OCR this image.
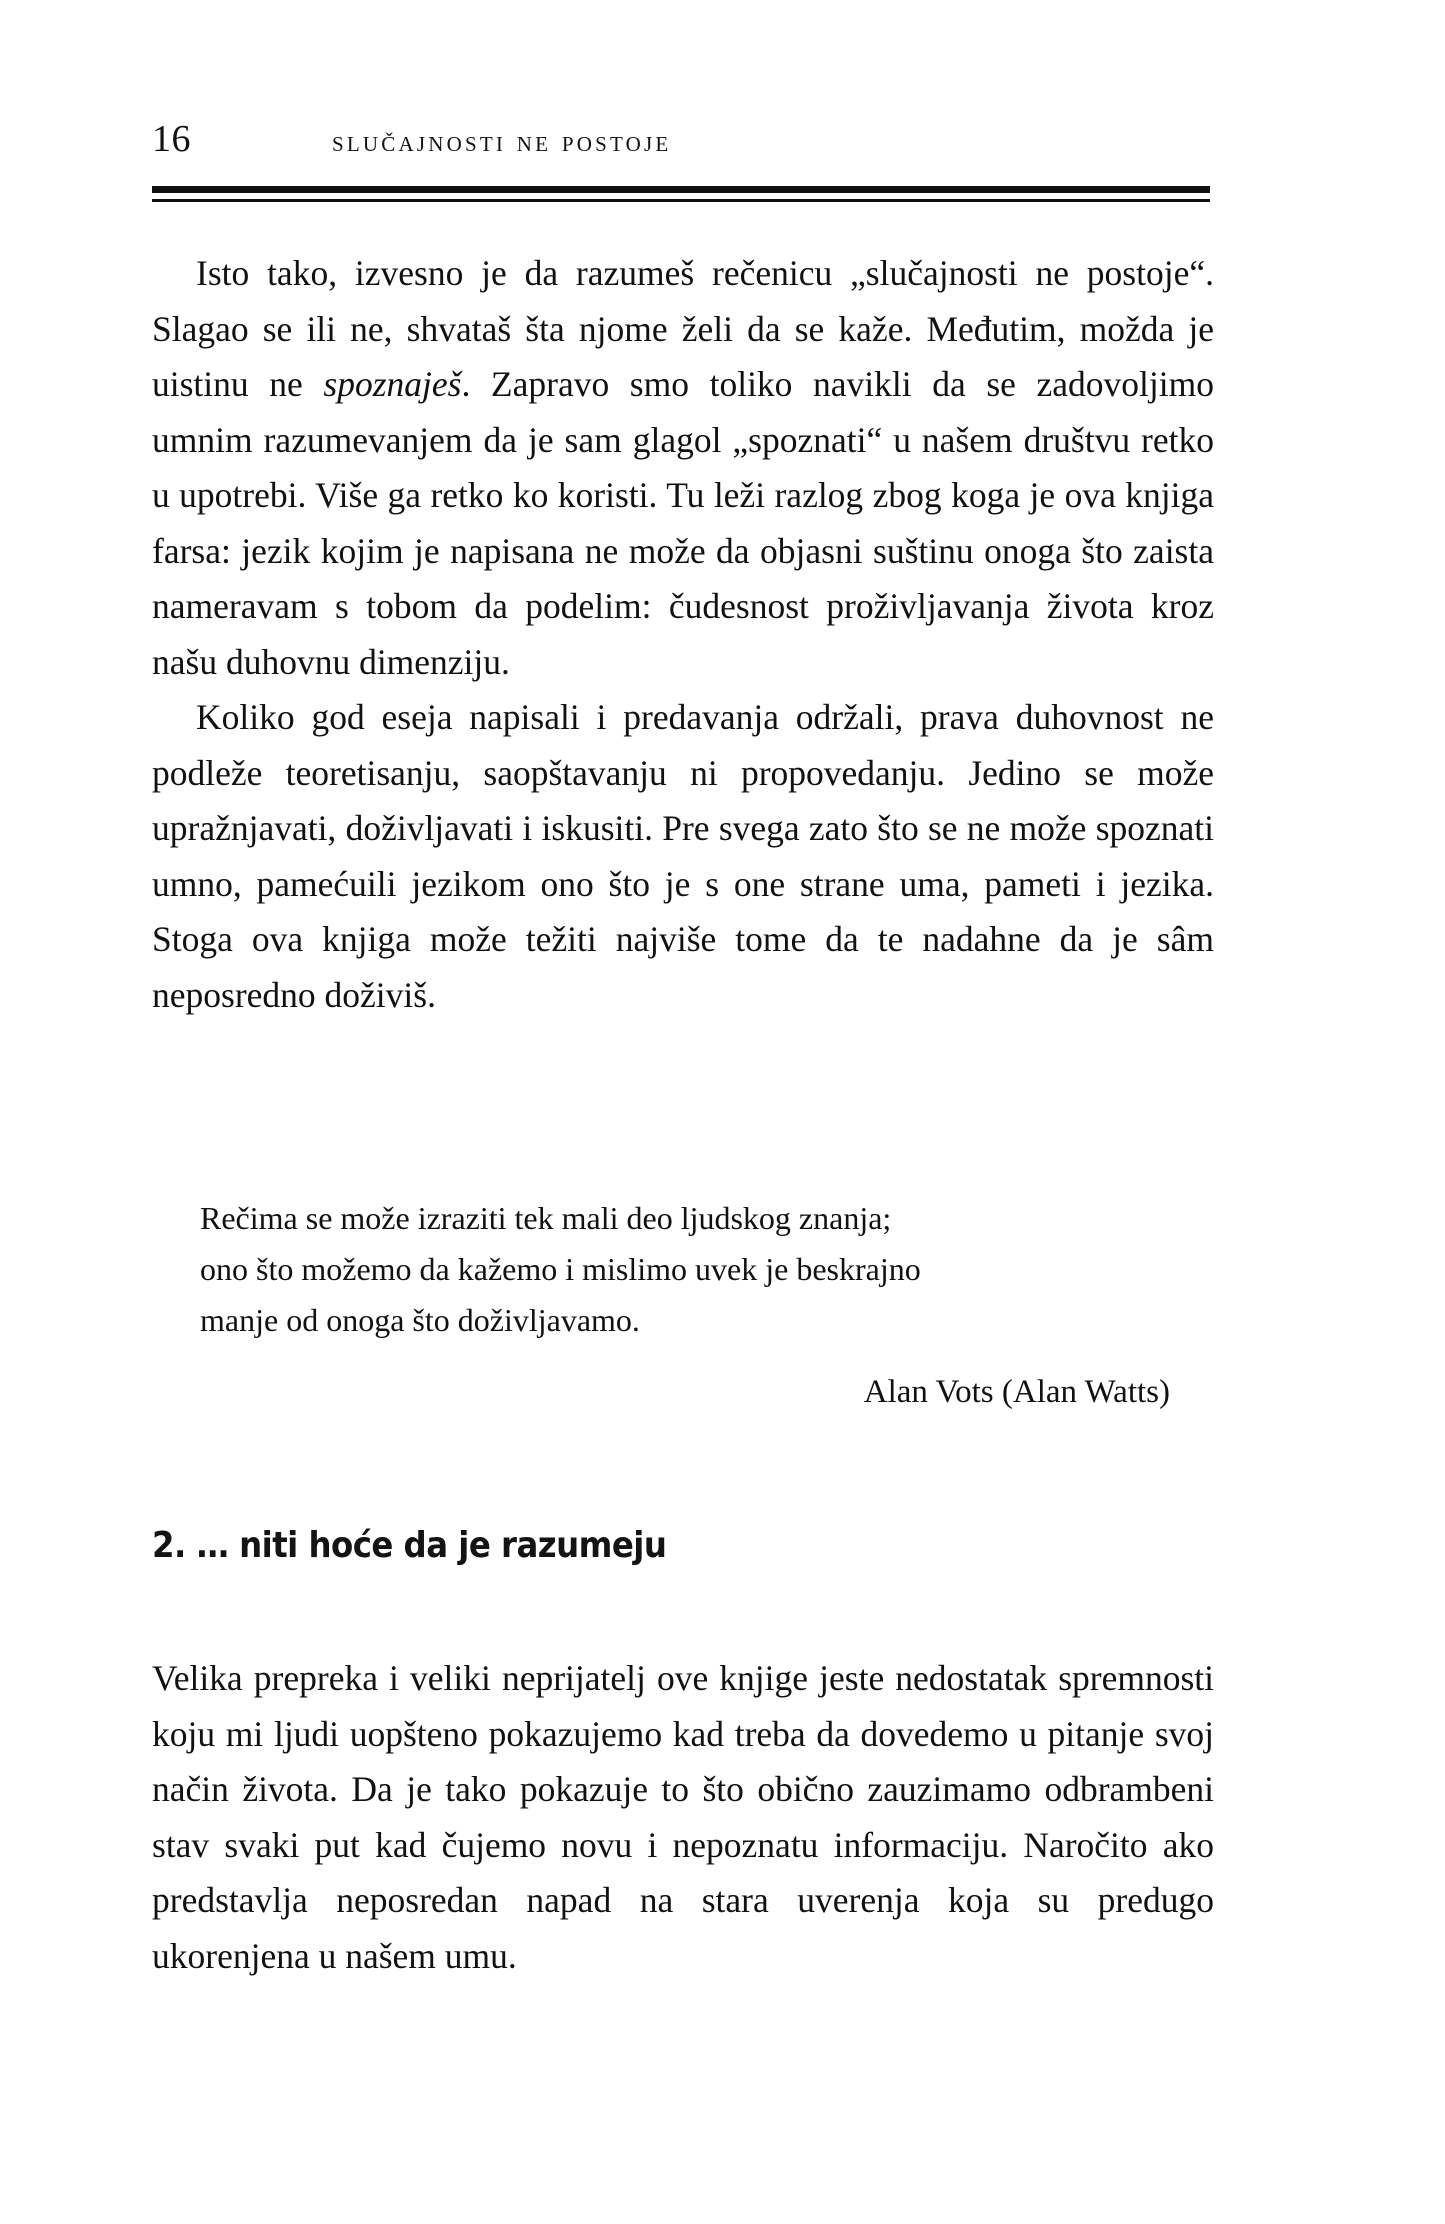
16	slučajnosti ne postoje

Isto tako, izvesno je da razumeš rečenicu „slučajnosti ne postoje“. Slagao se ili ne, shvataš šta njome želi da se kaže. Međutim, možda je uistinu ne spoznaješ. Zapravo smo toliko navikli da se zadovoljimo umnim razumevanjem da je sam glagol „spoznati“ u našem društvu retko u upotrebi. Više ga retko ko koristi. Tu leži razlog zbog koga je ova knjiga farsa: jezik kojim je napisana ne može da objasni suštinu onoga što zaista nameravam s tobom da podelim: čudesnost proživljavanja života kroz našu duhovnu dimenziju.

Koliko god eseja napisali i predavanja održali, prava duhovnost ne podleže teoretisanju, saopštavanju ni propovedanju. Jedino se može upražnjavati, doživljavati i iskusiti. Pre svega zato što se ne može spoznati umno, pamećuili jezikom ono što je s one strane uma, pameti i jezika. Stoga ova knjiga može težiti najviše tome da te nadahne da je sâm neposredno doživiš.

Rečima se može izraziti tek mali deo ljudskog znanja;

ono što možemo da kažemo i mislimo uvek je beskrajno

manje od onoga što doživljavamo.

Alan Vots (Alan Watts)

2. … niti hoće da je razumeju

Velika prepreka i veliki neprijatelj ove knjige jeste nedostatak spremnosti koju mi ljudi uopšteno pokazujemo kad treba da dovedemo u pitanje svoj način života. Da je tako pokazuje to što obično zauzimamo odbrambeni stav svaki put kad čujemo novu i nepoznatu informaciju. Naročito ako predstavlja neposredan napad na stara uverenja koja su predugo ukorenjena u našem umu.
